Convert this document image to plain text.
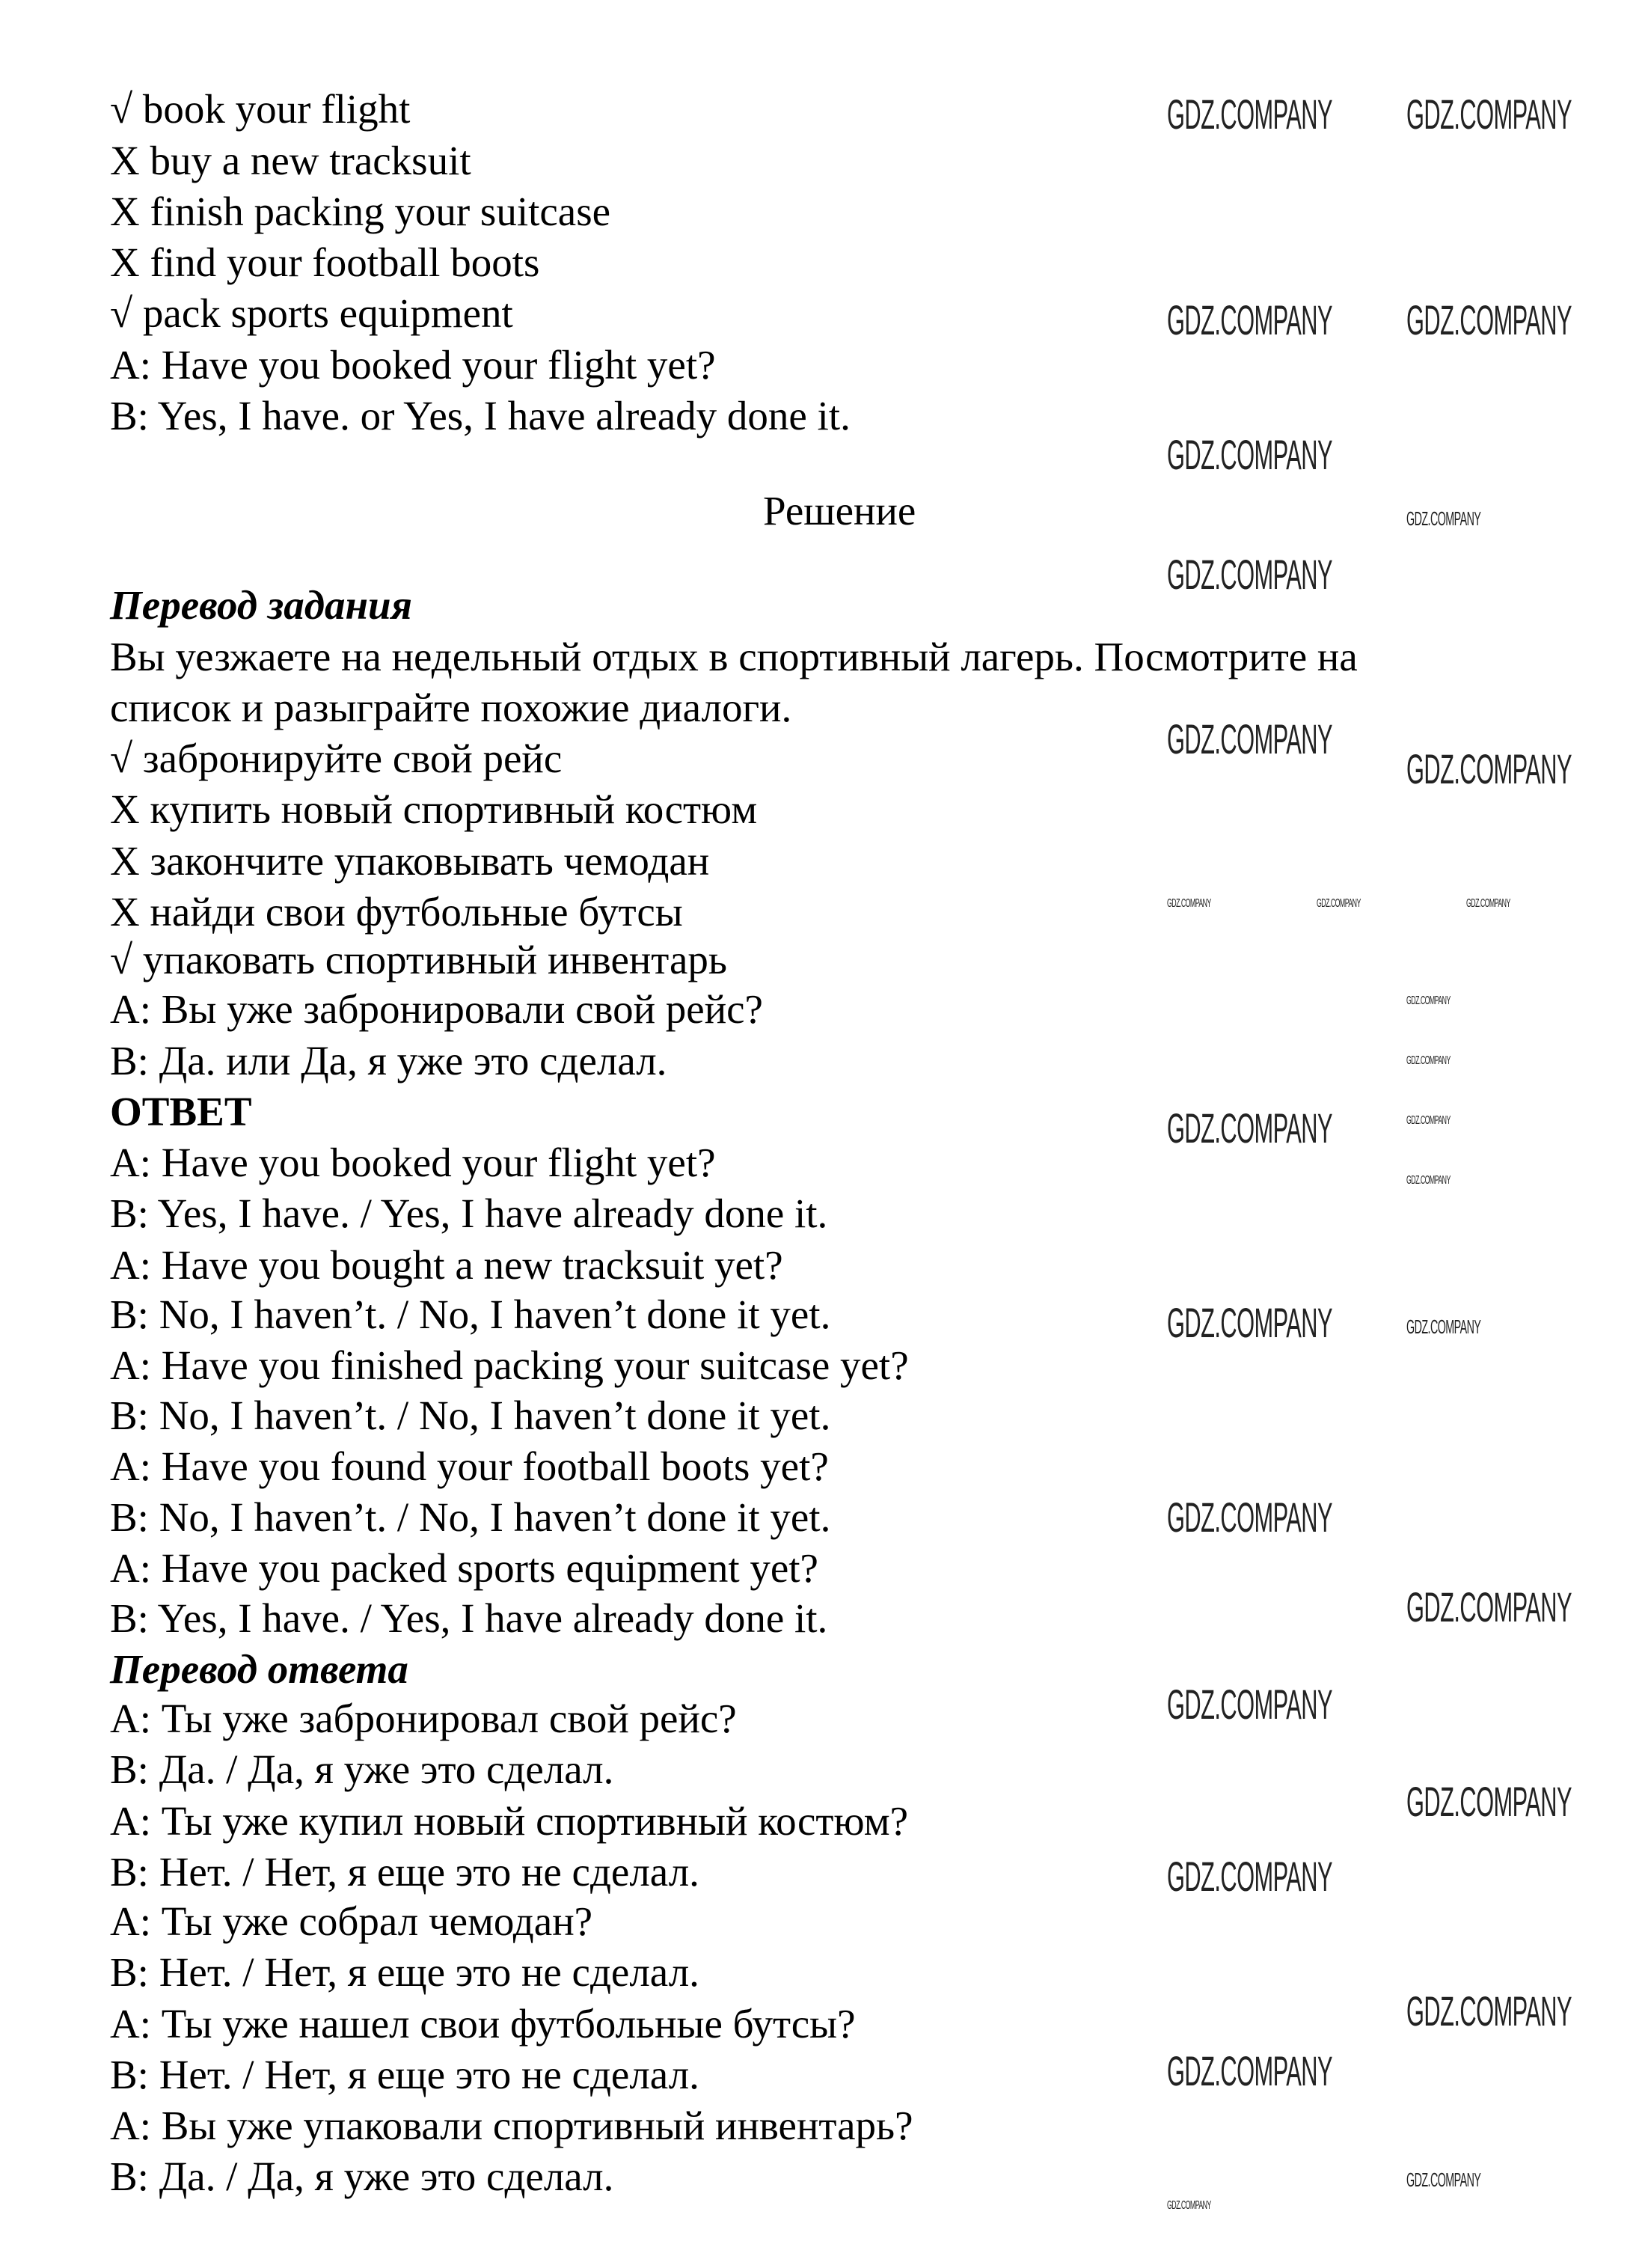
√ book your flight
X buy a new tracksuit
X finish packing your suitcase
X find your football boots
√ pack sports equipment
A: Have you booked your flight yet?
B: Yes, I have. or Yes, I have already done it.
Решение
Перевод задания
Вы уезжаете на недельный отдых в спортивный лагерь. Посмотрите на
список и разыграйте похожие диалоги.
√ забронируйте свой рейс
X купить новый спортивный костюм
X закончите упаковывать чемодан
X найди свои футбольные бутсы
√ упаковать спортивный инвентарь
A: Вы уже забронировали свой рейс?
B: Да. или Да, я уже это сделал.
ОТВЕТ
A: Have you booked your flight yet?
B: Yes, I have. / Yes, I have already done it.
A: Have you bought a new tracksuit yet?
B: No, I haven’t. / No, I haven’t done it yet.
A: Have you finished packing your suitcase yet?
B: No, I haven’t. / No, I haven’t done it yet.
A: Have you found your football boots yet?
B: No, I haven’t. / No, I haven’t done it yet.
A: Have you packed sports equipment yet?
B: Yes, I have. / Yes, I have already done it.
Перевод ответа
A: Ты уже забронировал свой рейс?
B: Да. / Да, я уже это сделал.
A: Ты уже купил новый спортивный костюм?
B: Нет. / Нет, я еще это не сделал.
A: Ты уже собрал чемодан?
B: Нет. / Нет, я еще это не сделал.
A: Ты уже нашел свои футбольные бутсы?
B: Нет. / Нет, я еще это не сделал.
A: Вы уже упаковали спортивный инвентарь?
B: Да. / Да, я уже это сделал.
GDZ.COMPANY GDZ.COMPANY
GDZ.COMPANY GDZ.COMPANY
GDZ.COMPANY
GDZ.COMPANY
GDZ.COMPANY
GDZ.COMPANY
GDZ.COMPANY
GDZ.COMPANY	GDZ.COMPANY	GDZ.COMPANY
GDZ.COMPANY
GDZ.COMPANY
GDZ.COMPANY
GDZ.COMPANY
GDZ.COMPANY
GDZ.COMPANY	GDZ.COMPANY
GDZ.COMPANY
GDZ.COMPANY
GDZ.COMPANY
GDZ.COMPANY
GDZ.COMPANY
GDZ.COMPANY
GDZ.COMPANY
GDZ.COMPANY
GDZ.COMPANY
